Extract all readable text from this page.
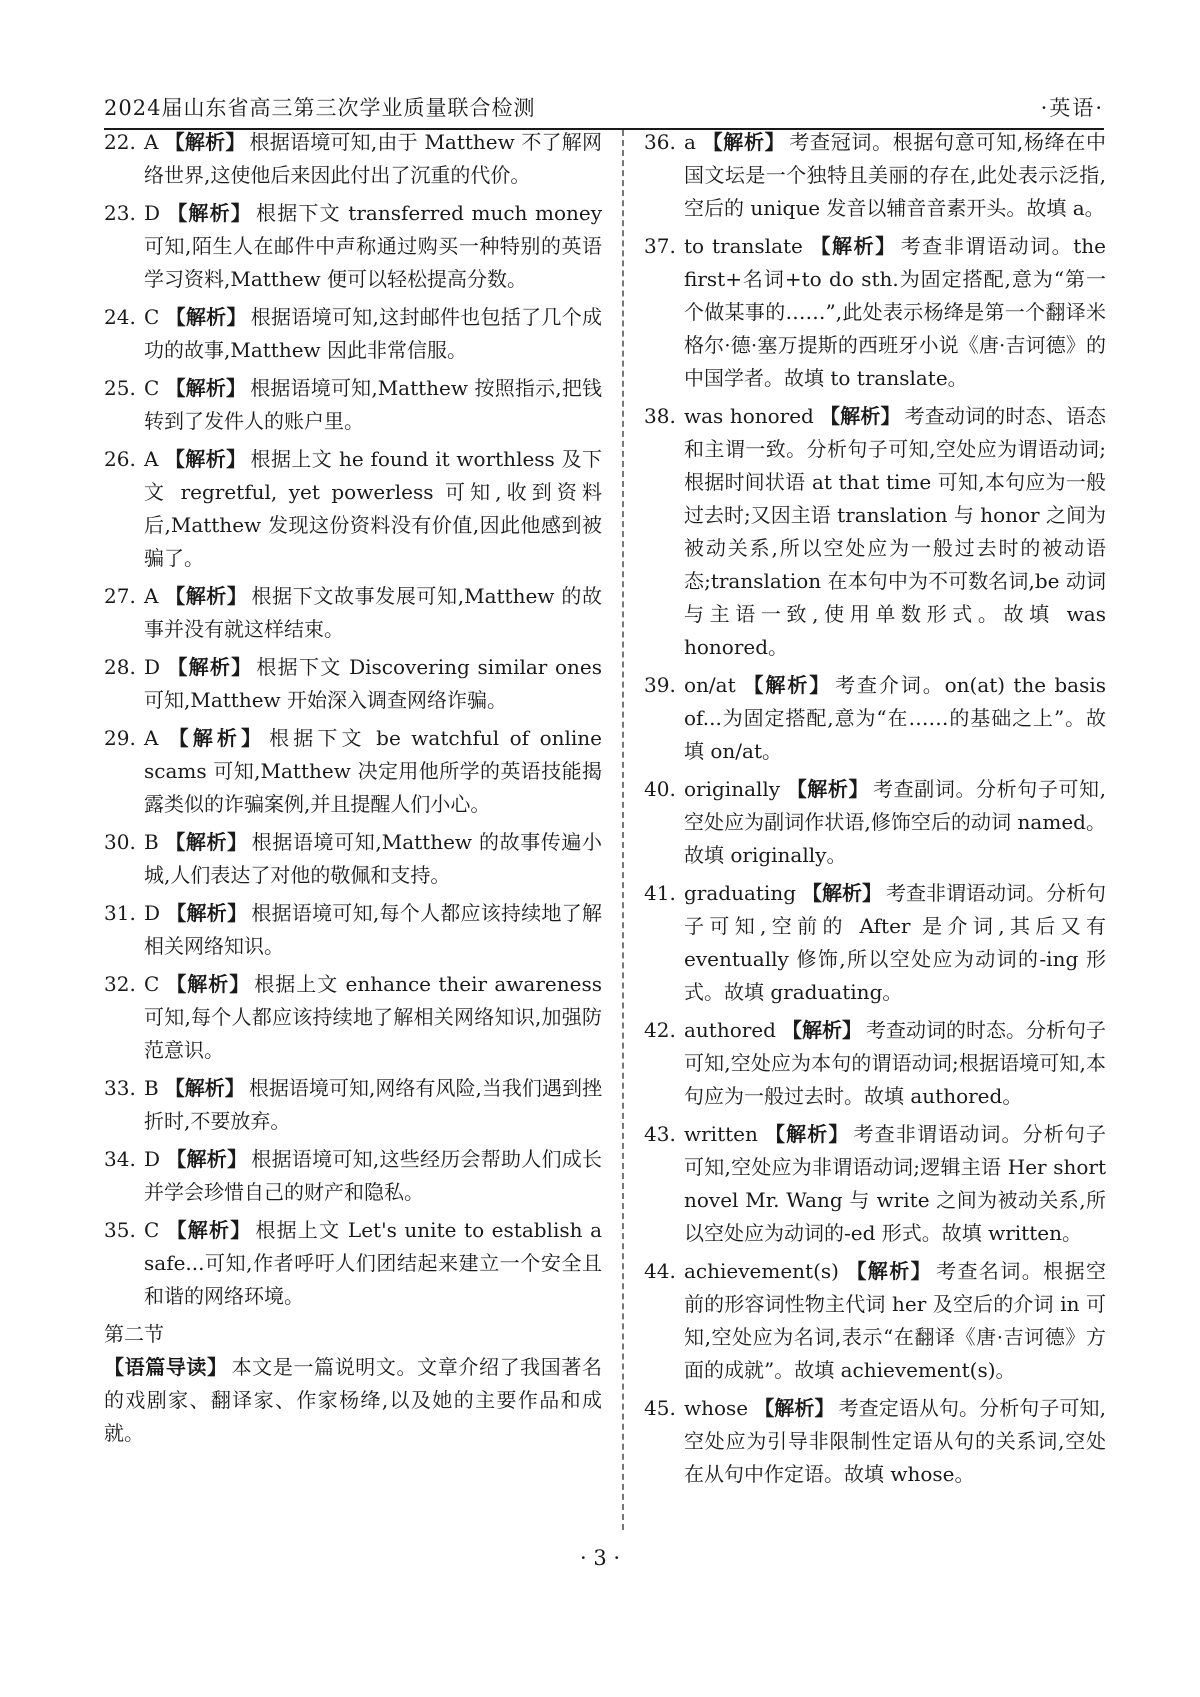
2024届山东省高三第三次学业质量联合检测	·英语·
22. A 【解析】 根据语境可知,由于 Matthew 不了解网络世界,这使他后来因此付出了沉重的代价。
23. D 【解析】 根据下文 transferred much money 可知,陌生人在邮件中声称通过购买一种特别的英语学习资料,Matthew 便可以轻松提高分数。
24. C 【解析】 根据语境可知,这封邮件也包括了几个成功的故事,Matthew 因此非常信服。
25. C 【解析】 根据语境可知,Matthew 按照指示,把钱转到了发件人的账户里。
26. A 【解析】 根据上文 he found it worthless 及下文 regretful, yet powerless 可知,收到资料后,Matthew 发现这份资料没有价值,因此他感到被骗了。
27. A 【解析】 根据下文故事发展可知,Matthew 的故事并没有就这样结束。
28. D 【解析】 根据下文 Discovering similar ones 可知,Matthew 开始深入调查网络诈骗。
29. A 【解析】 根据下文 be watchful of online scams 可知,Matthew 决定用他所学的英语技能揭露类似的诈骗案例,并且提醒人们小心。
30. B 【解析】 根据语境可知,Matthew 的故事传遍小城,人们表达了对他的敬佩和支持。
31. D 【解析】 根据语境可知,每个人都应该持续地了解相关网络知识。
32. C 【解析】 根据上文 enhance their awareness 可知,每个人都应该持续地了解相关网络知识,加强防范意识。
33. B 【解析】 根据语境可知,网络有风险,当我们遇到挫折时,不要放弃。
34. D 【解析】 根据语境可知,这些经历会帮助人们成长并学会珍惜自己的财产和隐私。
35. C 【解析】 根据上文 Let's unite to establish a safe...可知,作者呼吁人们团结起来建立一个安全且和谐的网络环境。
第二节
【语篇导读】 本文是一篇说明文。文章介绍了我国著名的戏剧家、翻译家、作家杨绛,以及她的主要作品和成就。
36. a 【解析】 考查冠词。根据句意可知,杨绛在中国文坛是一个独特且美丽的存在,此处表示泛指,空后的 unique 发音以辅音音素开头。故填 a。
37. to translate 【解析】 考查非谓语动词。the first+名词+to do sth.为固定搭配,意为“第一个做某事的……”,此处表示杨绛是第一个翻译米格尔·德·塞万提斯的西班牙小说《唐·吉诃德》的中国学者。故填 to translate。
38. was honored 【解析】 考查动词的时态、语态和主谓一致。分析句子可知,空处应为谓语动词;根据时间状语 at that time 可知,本句应为一般过去时;又因主语 translation 与 honor 之间为被动关系,所以空处应为一般过去时的被动语态;translation 在本句中为不可数名词,be 动词与主语一致,使用单数形式。故填 was honored。
39. on/at 【解析】 考查介词。on(at) the basis of...为固定搭配,意为“在……的基础之上”。故填 on/at。
40. originally 【解析】 考查副词。分析句子可知,空处应为副词作状语,修饰空后的动词 named。故填 originally。
41. graduating 【解析】 考查非谓语动词。分析句子可知,空前的 After 是介词,其后又有 eventually 修饰,所以空处应为动词的-ing 形式。故填 graduating。
42. authored 【解析】 考查动词的时态。分析句子可知,空处应为本句的谓语动词;根据语境可知,本句应为一般过去时。故填 authored。
43. written 【解析】 考查非谓语动词。分析句子可知,空处应为非谓语动词;逻辑主语 Her short novel Mr. Wang 与 write 之间为被动关系,所以空处应为动词的-ed 形式。故填 written。
44. achievement(s) 【解析】 考查名词。根据空前的形容词性物主代词 her 及空后的介词 in 可知,空处应为名词,表示“在翻译《唐·吉诃德》方面的成就”。故填 achievement(s)。
45. whose 【解析】 考查定语从句。分析句子可知,空处应为引导非限制性定语从句的关系词,空处在从句中作定语。故填 whose。
· 3 ·
